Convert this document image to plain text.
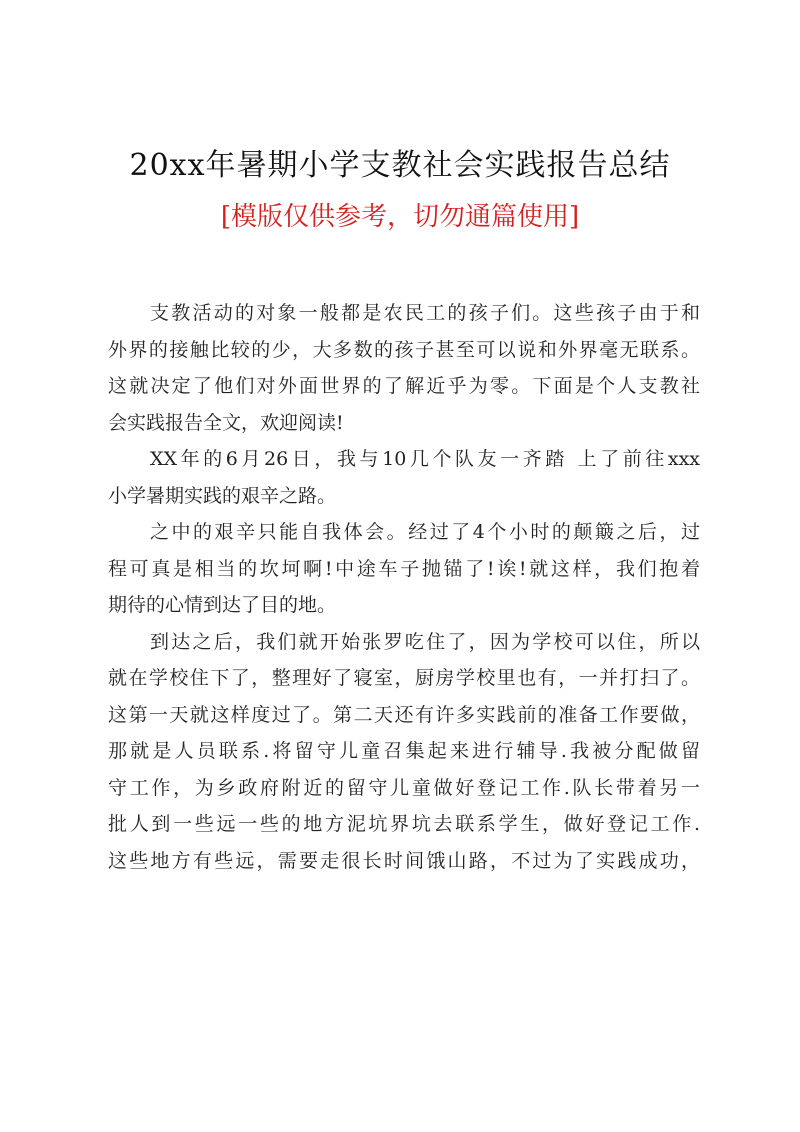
20xx年暑期小学支教社会实践报告总结
[模版仅供参考，切勿通篇使用]
支教活动的对象一般都是农民工的孩子们。这些孩子由于和
外界的接触比较的少，大多数的孩子甚至可以说和外界毫无联系。
这就决定了他们对外面世界的了解近乎为零。下面是个人支教社
会实践报告全文，欢迎阅读!
XX年的6月26日，我与10几个队友一齐踏 上了前往xxx
小学暑期实践的艰辛之路。
之中的艰辛只能自我体会。经过了4个小时的颠簸之后，过
程可真是相当的坎坷啊!中途车子抛锚了!诶!就这样，我们抱着
期待的心情到达了目的地。
到达之后，我们就开始张罗吃住了，因为学校可以住，所以
就在学校住下了，整理好了寝室，厨房学校里也有，一并打扫了。
这第一天就这样度过了。第二天还有许多实践前的准备工作要做，
那就是人员联系.将留守儿童召集起来进行辅导.我被分配做留
守工作，为乡政府附近的留守儿童做好登记工作.队长带着另一
批人到一些远一些的地方泥坑界坑去联系学生，做好登记工作.
这些地方有些远，需要走很长时间饿山路，不过为了实践成功，
